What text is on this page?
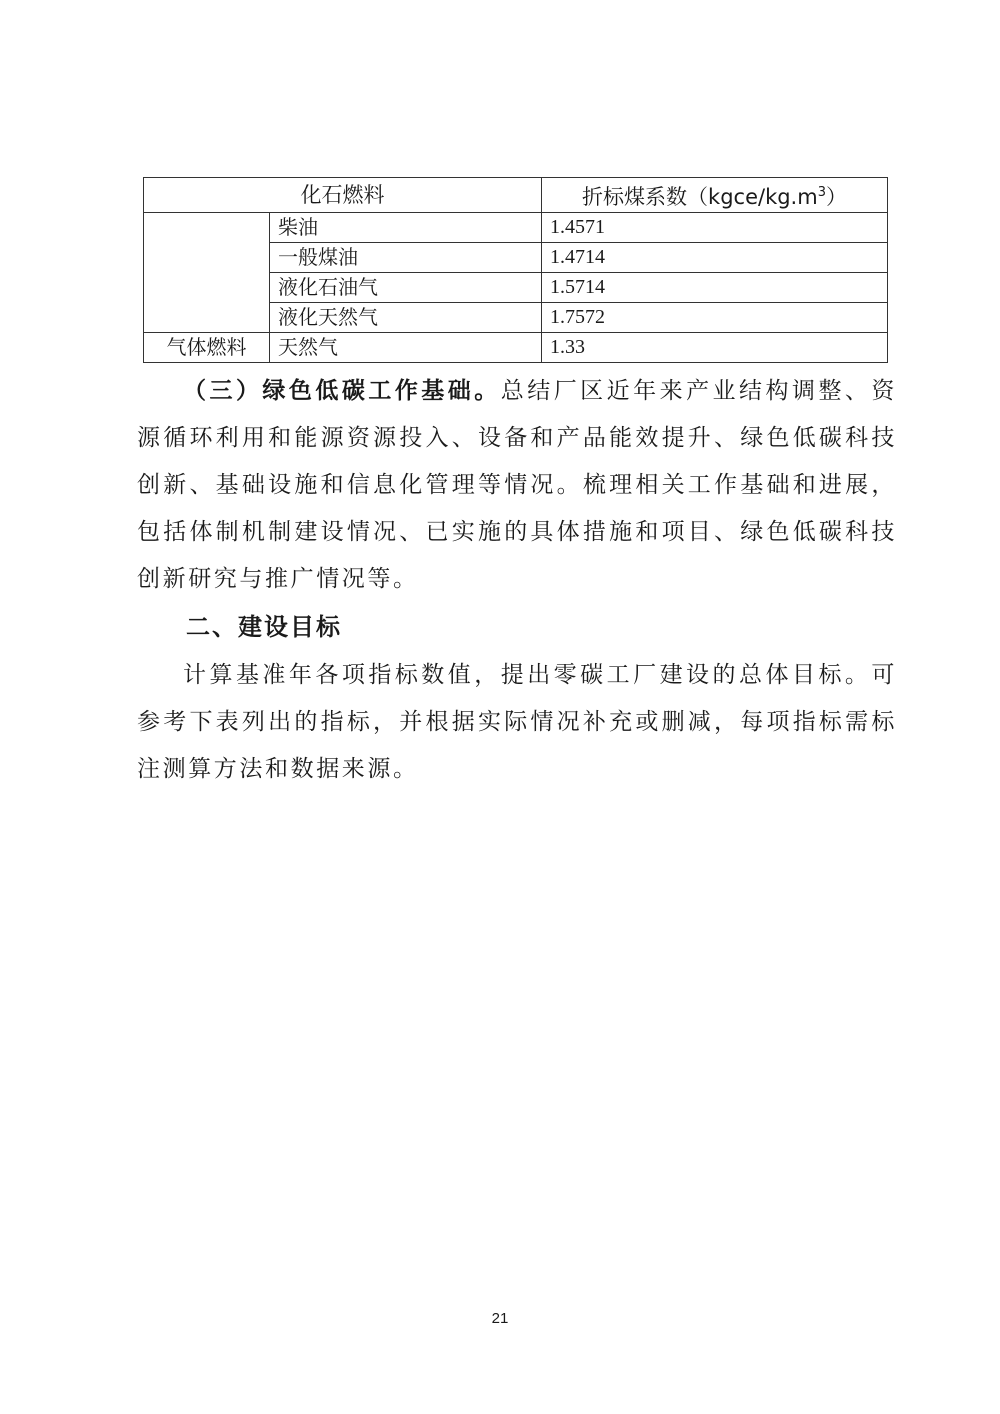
化石燃料		折标煤系数$(kgce/kg.m^3)$
	柴油	1.4571
	一般煤油	1.4714
	液化石油气	1.5714
	液化天然气	1.7572
气体燃料	天然气	1.33

（三）绿色低碳工作基础。总结厂区近年来产业结构调整、资源循环利用和能源资源投入、设备和产品能效提升、绿色低碳科技创新、基础设施和信息化管理等情况。梳理相关工作基础和进展，包括体制机制建设情况、已实施的具体措施和项目、绿色低碳科技创新研究与推广情况等。

二、建设目标

计算基准年各项指标数值，提出零碳工厂建设的总体目标。可参考下表列出的指标，并根据实际情况补充或删减，每项指标需标注测算方法和数据来源。

21
